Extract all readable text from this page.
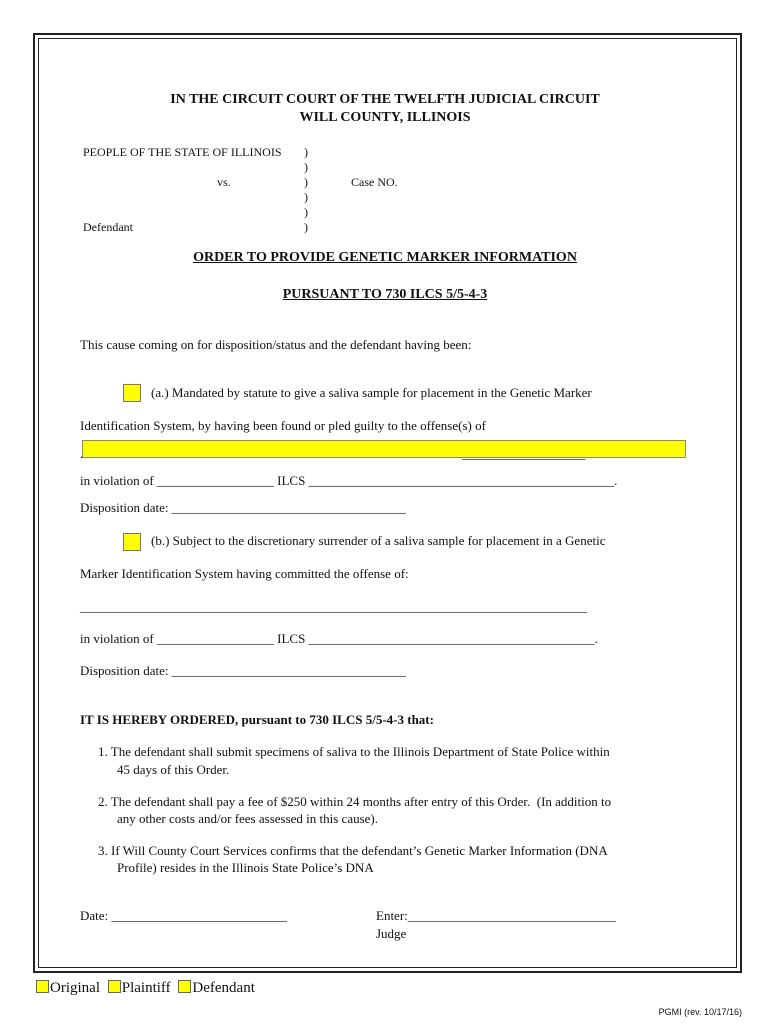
IN THE CIRCUIT COURT OF THE TWELFTH JUDICIAL CIRCUIT
WILL COUNTY, ILLINOIS
PEOPLE OF THE STATE OF ILLINOIS
vs.
Defendant
Case NO.
)
)
)
)
)
)
ORDER TO PROVIDE GENETIC MARKER INFORMATION
PURSUANT TO 730 ILCS 5/5-4-3
This cause coming on for disposition/status and the defendant having been:
(a.) Mandated by statute to give a saliva sample for placement in the Genetic Marker
Identification System, by having been found or pled guilty to the offense(s) of
.	___________________
in violation of __________________ ILCS _______________________________________________.
Disposition date: ____________________________________
(b.) Subject to the discretionary surrender of a saliva sample for placement in a Genetic
Marker Identification System having committed the offense of:
______________________________________________________________________________
in violation of __________________ ILCS ____________________________________________.
Disposition date: ____________________________________
IT IS HEREBY ORDERED, pursuant to 730 ILCS 5/5-4-3 that:
1. The defendant shall submit specimens of saliva to the Illinois Department of State Police within
45 days of this Order.
2. The defendant shall pay a fee of $250 within 24 months after entry of this Order.  (In addition to
any other costs and/or fees assessed in this cause).
3. If Will County Court Services confirms that the defendant’s Genetic Marker Information (DNA
Profile) resides in the Illinois State Police’s DNA
Date: ___________________________	Enter:________________________________
Judge
Original Plaintiff Defendant
PGMI (rev. 10/17/16)
